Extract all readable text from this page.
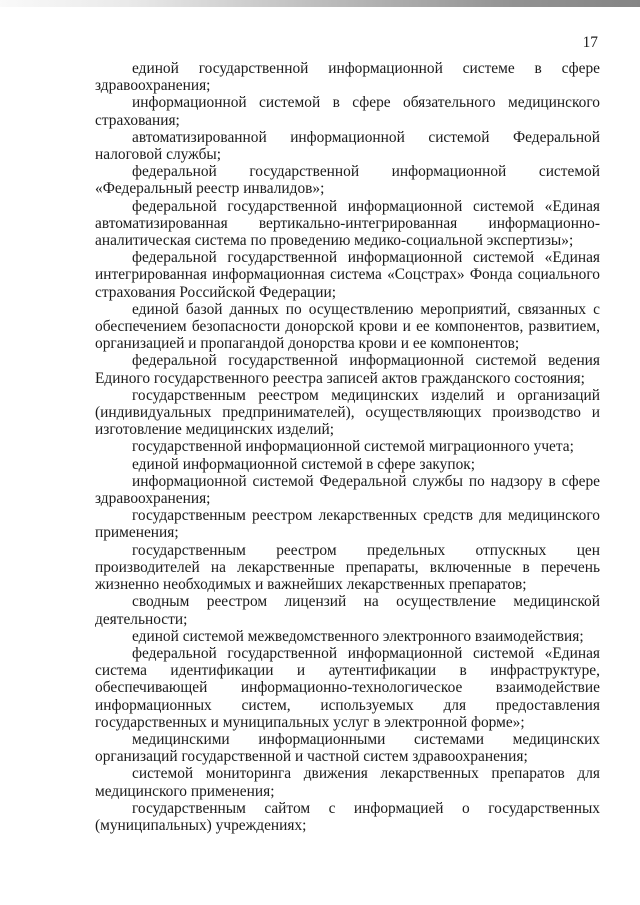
17

единой государственной информационной системе в сфере здравоохранения;

информационной системой в сфере обязательного медицинского страхования;

автоматизированной информационной системой Федеральной налоговой службы;

федеральной государственной информационной системой «Федеральный реестр инвалидов»;

федеральной государственной информационной системой «Единая автоматизированная вертикально-интегрированная информационно-аналитическая система по проведению медико-социальной экспертизы»;

федеральной государственной информационной системой «Единая интегрированная информационная система «Соцстрах» Фонда социального страхования Российской Федерации;

единой базой данных по осуществлению мероприятий, связанных с обеспечением безопасности донорской крови и ее компонентов, развитием, организацией и пропагандой донорства крови и ее компонентов;

федеральной государственной информационной системой ведения Единого государственного реестра записей актов гражданского состояния;

государственным реестром медицинских изделий и организаций (индивидуальных предпринимателей), осуществляющих производство и изготовление медицинских изделий;

государственной информационной системой миграционного учета;

единой информационной системой в сфере закупок;

информационной системой Федеральной службы по надзору в сфере здравоохранения;

государственным реестром лекарственных средств для медицинского применения;

государственным реестром предельных отпускных цен производителей на лекарственные препараты, включенные в перечень жизненно необходимых и важнейших лекарственных препаратов;

сводным реестром лицензий на осуществление медицинской деятельности;

единой системой межведомственного электронного взаимодействия;

федеральной государственной информационной системой «Единая система идентификации и аутентификации в инфраструктуре, обеспечивающей информационно-технологическое взаимодействие информационных систем, используемых для предоставления государственных и муниципальных услуг в электронной форме»;

медицинскими информационными системами медицинских организаций государственной и частной систем здравоохранения;

системой мониторинга движения лекарственных препаратов для медицинского применения;

государственным сайтом с информацией о государственных (муниципальных) учреждениях;
